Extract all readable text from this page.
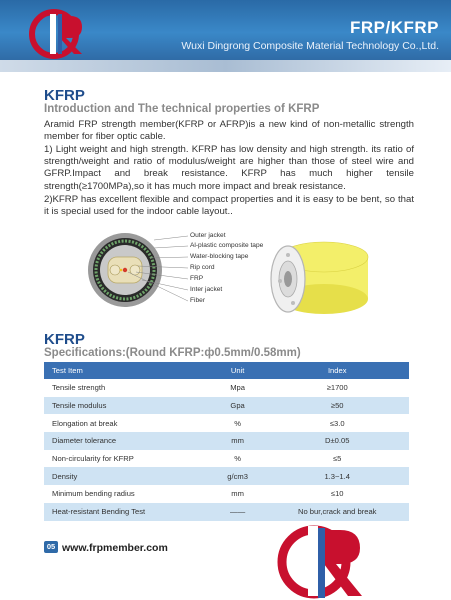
FRP/KFRP
Wuxi Dingrong Composite Material Technology Co.,Ltd.
KFRP
Introduction and The technical properties of KFRP
Aramid FRP strength member(KFRP or AFRP)is a new kind of non-metallic strength member for fiber optic cable.
1) Light weight and high strength. KFRP has low density and high strength. its ratio of strength/weight and ratio of modulus/weight are higher than those of steel wire and GFRP.Impact and break resistance. KFRP has much higher tensile strength(≥1700MPa),so it has much more impact and break resistance.
2)KFRP has excellent flexible and compact properties and it is easy to be bent, so that it is special used for the indoor cable layout..
Outer jacket
Al-plastic composite tape
Water-blocking tape
Rip cord
FRP
Inter jacket
Fiber
KFRP
Specifications:(Round KFRP:ф0.5mm/0.58mm)
Test Item	Unit	Index
Tensile strength	Mpa	≥1700
Tensile modulus	Gpa	≥50
Elongation at break	%	≤3.0
Diameter tolerance	mm	D±0.05
Non-circularity for KFRP	%	≤5
Density	g/cm3	1.3~1.4
Minimum bending radius	mm	≤10
Heat-resistant Bending Test	——	No bur,crack and break
05 www.frpmember.com
